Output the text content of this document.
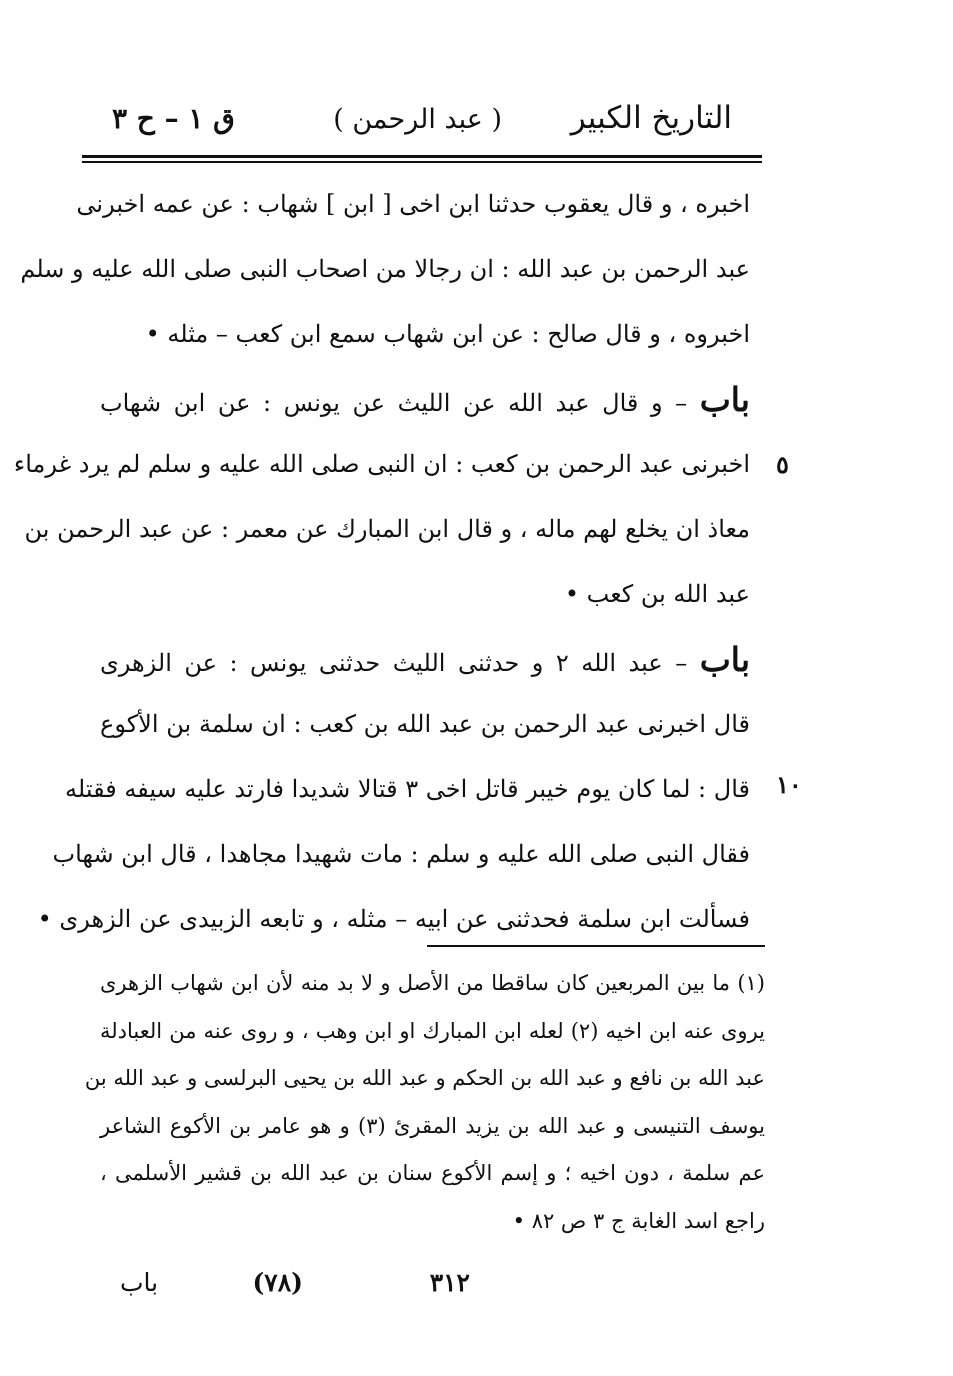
التاريخ الكبير
( عبد الرحمن )
ق ١ – ح ٣
اخبره ، و قال يعقوب حدثنا ابن اخى [ ابن ] شهاب : عن عمه اخبرنى
عبد الرحمن بن عبد الله : ان رجالا من اصحاب النبى صلى الله عليه و سلم
اخبروه ، و قال صالح : عن ابن شهاب سمع ابن كعب – مثله •
باب – و قال عبد الله عن الليث عن يونس : عن ابن شهاب
اخبرنى عبد الرحمن بن كعب : ان النبى صلى الله عليه و سلم لم يرد غرماء
معاذ ان يخلع لهم ماله ، و قال ابن المبارك عن معمر : عن عبد الرحمن بن
عبد الله بن كعب •
باب – عبد الله ٢ و حدثنى الليث حدثنى يونس : عن الزهرى
قال اخبرنى عبد الرحمن بن عبد الله بن كعب : ان سلمة بن الأكوع
قال : لما كان يوم خيبر قاتل اخى ٣ قتالا شديدا فارتد عليه سيفه فقتله
فقال النبى صلى الله عليه و سلم : مات شهيدا مجاهدا ، قال ابن شهاب
فسألت ابن سلمة فحدثنى عن ابيه – مثله ، و تابعه الزبيدى عن الزهرى •
٥
١٠
(١) ما بين المربعين كان ساقطا من الأصل و لا بد منه لأن ابن شهاب الزهرى
يروى عنه ابن اخيه (٢) لعله ابن المبارك او ابن وهب ، و روى عنه من العبادلة
عبد الله بن نافع و عبد الله بن الحكم و عبد الله بن يحيى البرلسى و عبد الله بن
يوسف التنيسى و عبد الله بن يزيد المقرئ (٣) و هو عامر بن الأكوع الشاعر
عم سلمة ، دون اخيه ؛ و إسم الأكوع سنان بن عبد الله بن قشير الأسلمى ،
راجع اسد الغابة ج ٣ ص ٨٢ •
٣١٢
(٧٨)
باب
